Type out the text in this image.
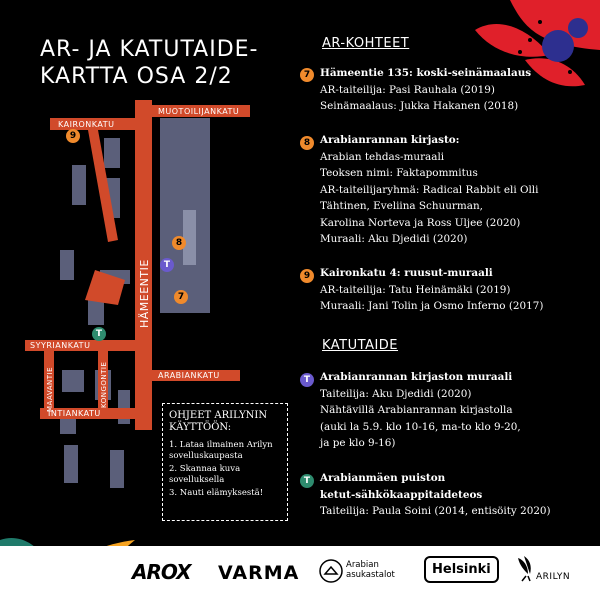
AR- JA KATUTAIDE-
KARTTA OSA 2/2
KAIRONKATU
MUOTOILIJANKATU
HÄMEENTIE
SYYRIANKATU
ARABIANKATU
INTIANKATU
MAAVANTIE	KONGONTIE
9
8
T
7
T
OHJEET ARILYNIN KÄYTTÖÖN:
1. Lataa ilmainen Arilyn sovelluskaupasta
2. Skannaa kuva sovelluksella
3. Nauti elämyksestä!
AR-KOHTEET
7 Hämeentie 135: koski-seinämaalaus
AR-taiteilija: Pasi Rauhala (2019)
Seinämaalaus: Jukka Hakanen (2018)
8 Arabianrannan kirjasto:
Arabian tehdas-muraali
Teoksen nimi: Faktapommitus
AR-taiteilijaryhmä: Radical Rabbit eli Olli
Tähtinen, Eveliina Schuurman,
Karolina Norteva ja Ross Uljee (2020)
Muraali: Aku Djedidi (2020)
9 Kaironkatu 4: ruusut-muraali
AR-taiteilija: Tatu Heinämäki (2019)
Muraali: Jani Tolin ja Osmo Inferno (2017)
KATUTAIDE
T Arabianrannan kirjaston muraali
Taiteilija: Aku Djedidi (2020)
Nähtävillä Arabianrannan kirjastolla
(auki la 5.9. klo 10-16, ma-to klo 9-20,
ja pe klo 9-16)
T Arabianmäen puiston
ketut-sähkökaappitaideteos
Taiteilija: Paula Soini (2014, entisöity 2020)
AROX VARMA	Arabian
asukastalot	Helsinki	ARILYN
